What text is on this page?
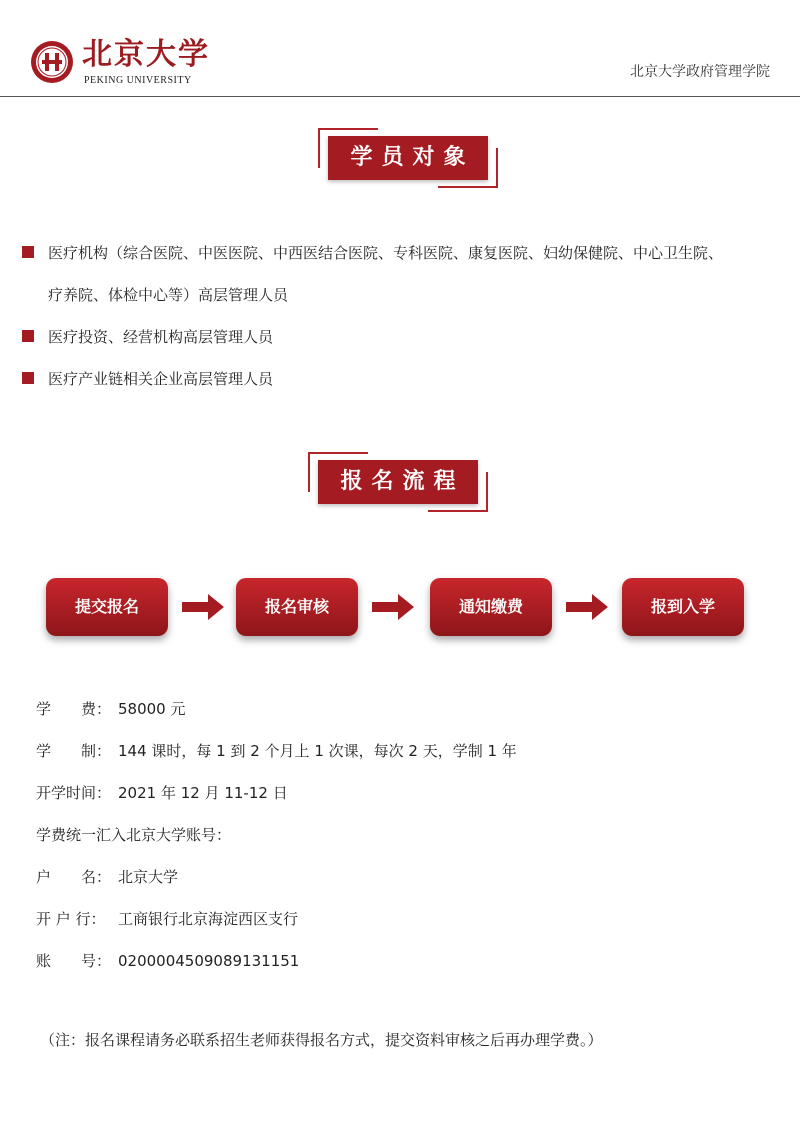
北京大学
PEKING UNIVERSITY
北京大学政府管理学院
学员对象
医疗机构（综合医院、中医医院、中西医结合医院、专科医院、康复医院、妇幼保健院、中心卫生院、
疗养院、体检中心等）高层管理人员
医疗投资、经营机构高层管理人员
医疗产业链相关企业高层管理人员
报名流程
提交报名	报名审核	通知缴费	报到入学
学　　费： 58000 元
学　　制： 144 课时，每 1 到 2 个月上 1 次课，每次 2 天，学制 1 年
开学时间： 2021 年 12 月 11-12 日
学费统一汇入北京大学账号：
户　　名： 北京大学
开 户 行： 工商银行北京海淀西区支行
账　　号： 0200004509089131151
（注：报名课程请务必联系招生老师获得报名方式，提交资料审核之后再办理学费。）
